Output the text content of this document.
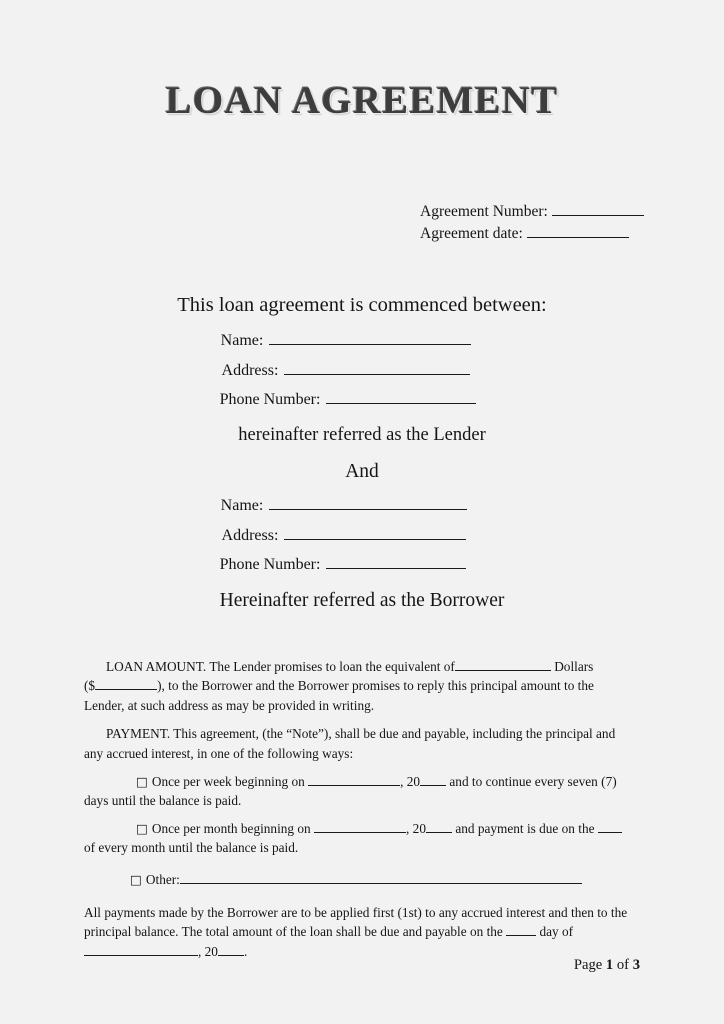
LOAN AGREEMENT
Agreement Number:
Agreement date:
This loan agreement is commenced between:
Name:
Address:
Phone Number:
hereinafter referred as the Lender
And
Name:
Address:
Phone Number:
Hereinafter referred as the Borrower

LOAN AMOUNT. The Lender promises to loan the equivalent of	Dollars
($	), to the Borrower and the Borrower promises to reply this principal amount to the Lender, at such address as may be provided in writing.

PAYMENT. This agreement, (the “Note”), shall be due and payable, including the principal and any accrued interest, in one of the following ways:

□ Once per week beginning on	, 20 and to continue every seven (7) days until the balance is paid.

□ Once per month beginning on	, 20 and payment is due on the  of every month until the balance is paid.

□ Other:

All payments made by the Borrower are to be applied first (1st) to any accrued interest and then to the principal balance. The total amount of the loan shall be due and payable on the	day of , 20 .

Page 1 of 3
